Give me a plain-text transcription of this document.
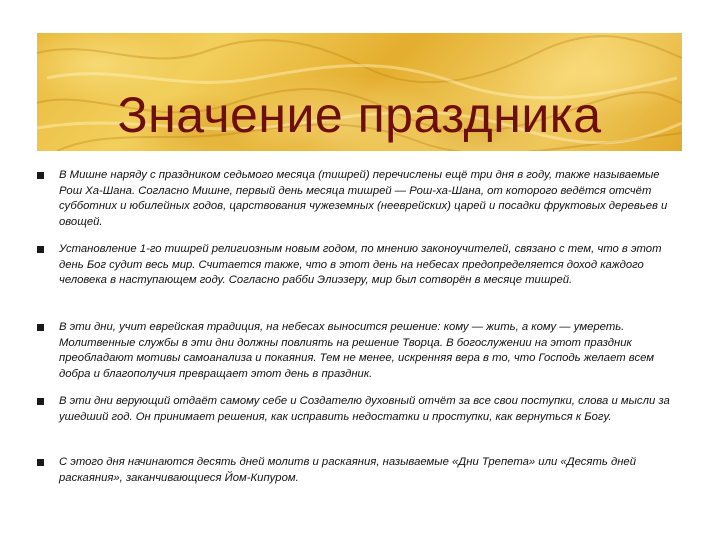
Значение праздника
В Мишне наряду с праздником седьмого месяца (тишрей) перечислены ещё три дня в году, также называемые Рош Ха-Шана. Согласно Мишне, первый день месяца тишрей — Рош-ха-Шана, от которого ведётся отсчёт субботних и юбилейных годов, царствования чужеземных (нееврейских) царей и посадки фруктовых деревьев и овощей.
Установление 1-го тишрей религиозным новым годом, по мнению законоучителей, связано с тем, что в этот день Бог судит весь мир. Считается также, что в этот день на небесах предопределяется доход каждого человека в наступающем году. Согласно рабби Элиэзеру, мир был сотворён в месяце тишрей.
В эти дни, учит еврейская традиция, на небесах выносится решение: кому — жить, а кому — умереть. Молитвенные службы в эти дни должны повлиять на решение Творца. В богослужении на этот праздник преобладают мотивы самоанализа и покаяния. Тем не менее, искренняя вера в то, что Господь желает всем добра и благополучия превращает этот день в праздник.
В эти дни верующий отдаёт самому себе и Создателю духовный отчёт за все свои поступки, слова и мысли за ушедший год. Он принимает решения, как исправить недостатки и проступки, как вернуться к Богу.
С этого дня начинаются десять дней молитв и раскаяния, называемые «Дни Трепета» или «Десять дней раскаяния», заканчивающиеся Йом-Кипуром.
